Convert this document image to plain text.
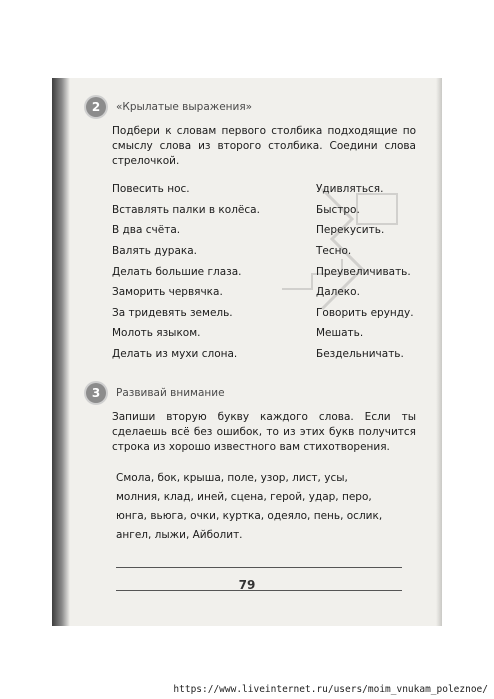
2	«Крылатые выражения»
Подбери к словам первого столбика подходящие по смыслу слова из второго столбика. Соедини слова стрелочкой.
Повесить нос.	Удивляться.
Вставлять палки в колёса.	Быстро.
В два счёта.	Перекусить.
Валять дурака.	Тесно.
Делать большие глаза.	Преувеличивать.
Заморить червячка.	Далеко.
За тридевять земель.	Говорить ерунду.
Молоть языком.	Мешать.
Делать из мухи слона.	Бездельничать.
3	Развивай внимание
Запиши вторую букву каждого слова. Если ты сделаешь всё без ошибок, то из этих букв получится строка из хорошо известного вам стихотворения.
Смола, бок, крыша, поле, узор, лист, усы,
молния, клад, иней, сцена, герой, удар, перо,
юнга, вьюга, очки, куртка, одеяло, пень, ослик,
ангел, лыжи, Айболит.
79
https://www.liveinternet.ru/users/moim_vnukam_poleznoe/
